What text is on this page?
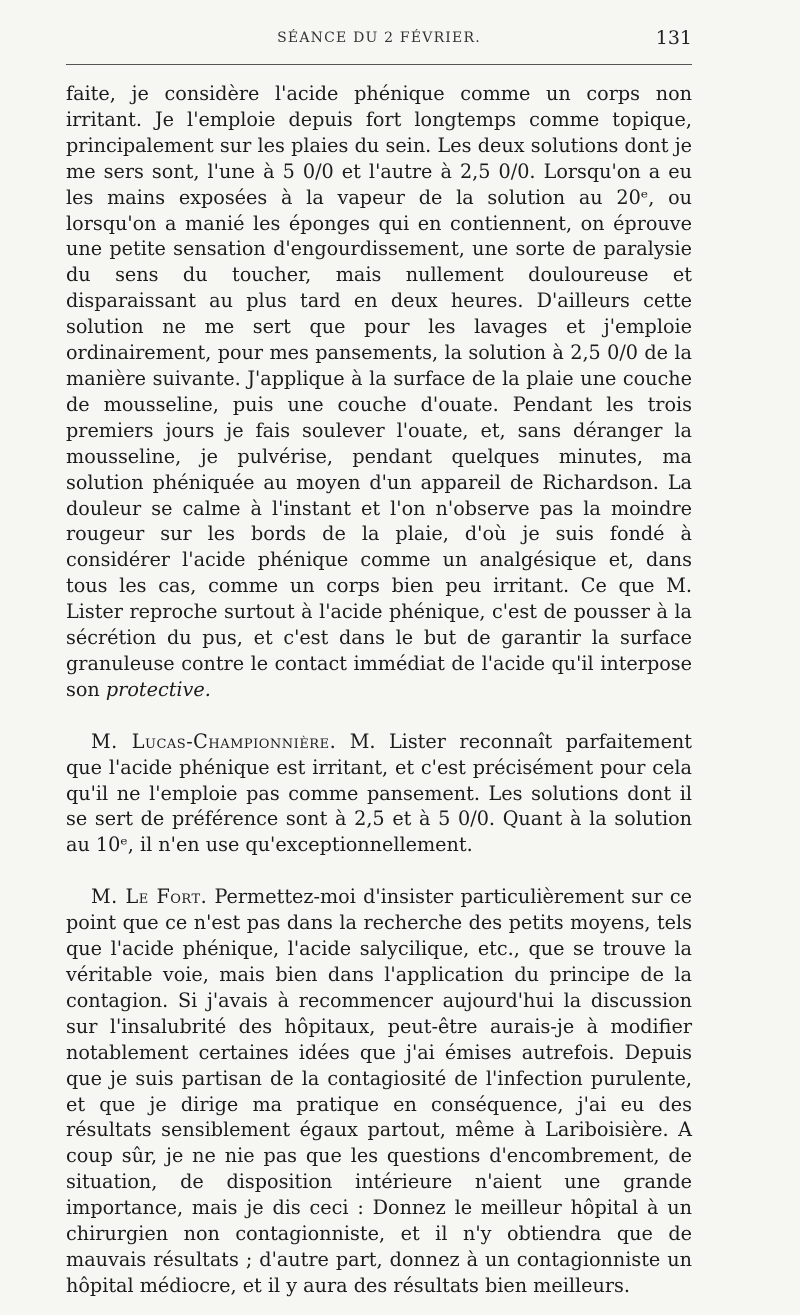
SÉANCE DU 2 FÉVRIER.	131

faite, je considère l'acide phénique comme un corps non irritant. Je l'emploie depuis fort longtemps comme topique, principalement sur les plaies du sein. Les deux solutions dont je me sers sont, l'une à 5 0/0 et l'autre à 2,5 0/0. Lorsqu'on a eu les mains exposées à la vapeur de la solution au 20ᵉ, ou lorsqu'on a manié les éponges qui en contiennent, on éprouve une petite sensation d'engourdissement, une sorte de paralysie du sens du toucher, mais nullement douloureuse et disparaissant au plus tard en deux heures. D'ailleurs cette solution ne me sert que pour les lavages et j'emploie ordinairement, pour mes pansements, la solution à 2,5 0/0 de la manière suivante. J'applique à la surface de la plaie une couche de mousseline, puis une couche d'ouate. Pendant les trois premiers jours je fais soulever l'ouate, et, sans déranger la mousseline, je pulvérise, pendant quelques minutes, ma solution phéniquée au moyen d'un appareil de Richardson. La douleur se calme à l'instant et l'on n'observe pas la moindre rougeur sur les bords de la plaie, d'où je suis fondé à considérer l'acide phénique comme un analgésique et, dans tous les cas, comme un corps bien peu irritant. Ce que M. Lister reproche surtout à l'acide phénique, c'est de pousser à la sécrétion du pus, et c'est dans le but de garantir la surface granuleuse contre le contact immédiat de l'acide qu'il interpose son protective.

M. Lucas-Championnière. M. Lister reconnaît parfaitement que l'acide phénique est irritant, et c'est précisément pour cela qu'il ne l'emploie pas comme pansement. Les solutions dont il se sert de préférence sont à 2,5 et à 5 0/0. Quant à la solution au 10ᵉ, il n'en use qu'exceptionnellement.

M. Le Fort. Permettez-moi d'insister particulièrement sur ce point que ce n'est pas dans la recherche des petits moyens, tels que l'acide phénique, l'acide salycilique, etc., que se trouve la véritable voie, mais bien dans l'application du principe de la contagion. Si j'avais à recommencer aujourd'hui la discussion sur l'insalubrité des hôpitaux, peut-être aurais-je à modifier notablement certaines idées que j'ai émises autrefois. Depuis que je suis partisan de la contagiosité de l'infection purulente, et que je dirige ma pratique en conséquence, j'ai eu des résultats sensiblement égaux partout, même à Lariboisière. A coup sûr, je ne nie pas que les questions d'encombrement, de situation, de disposition intérieure n'aient une grande importance, mais je dis ceci : Donnez le meilleur hôpital à un chirurgien non contagionniste, et il n'y obtiendra que de mauvais résultats ; d'autre part, donnez à un contagionniste un hôpital médiocre, et il y aura des résultats bien meilleurs.
